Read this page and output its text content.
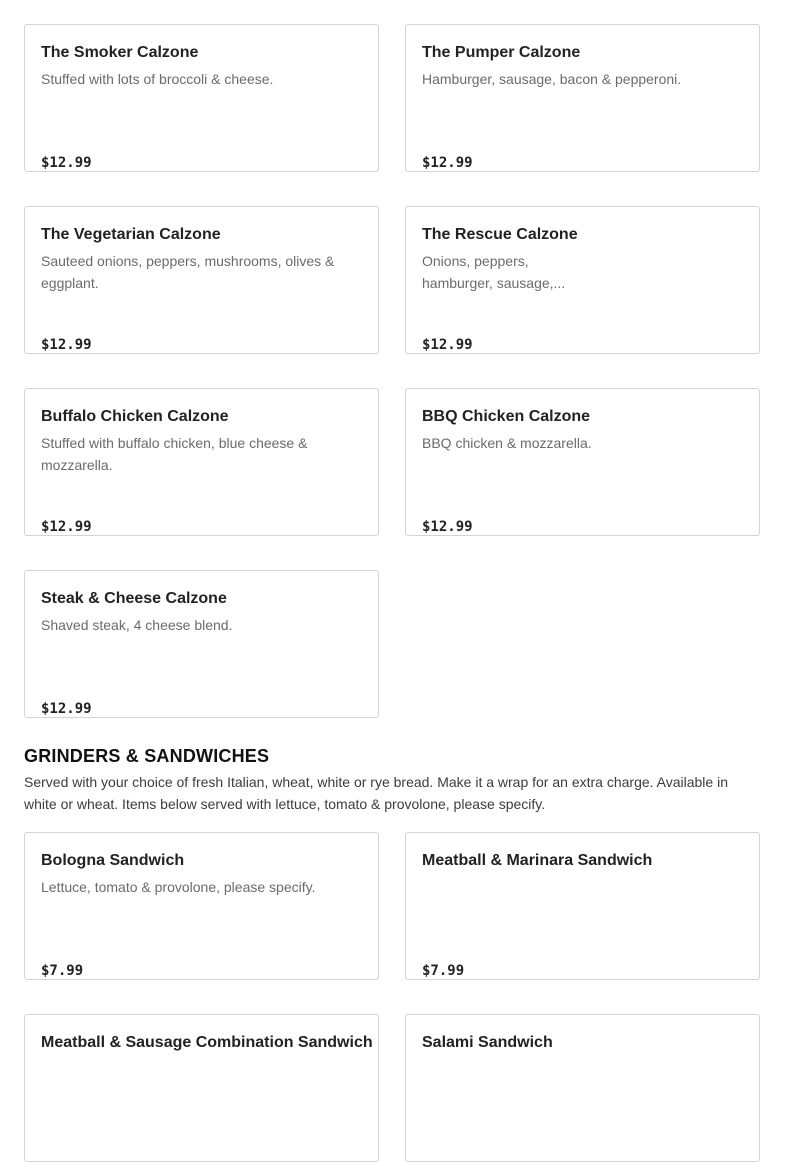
The Smoker Calzone
Stuffed with lots of broccoli & cheese.
$12.99
The Pumper Calzone
Hamburger, sausage, bacon & pepperoni.
$12.99
The Vegetarian Calzone
Sauteed onions, peppers, mushrooms, olives & eggplant.
$12.99
The Rescue Calzone
Onions, peppers, hamburger, sausage,...
$12.99
Buffalo Chicken Calzone
Stuffed with buffalo chicken, blue cheese & mozzarella.
$12.99
BBQ Chicken Calzone
BBQ chicken & mozzarella.
$12.99
Steak & Cheese Calzone
Shaved steak, 4 cheese blend.
$12.99
GRINDERS & SANDWICHES

Served with your choice of fresh Italian, wheat, white or rye bread. Make it a wrap for an extra charge. Available in white or wheat. Items below served with lettuce, tomato & provolone, please specify.

Bologna Sandwich
Lettuce, tomato & provolone, please specify.
$7.99
Meatball & Marinara Sandwich
$7.99
Meatball & Sausage Combination Sandwich	Salami Sandwich
